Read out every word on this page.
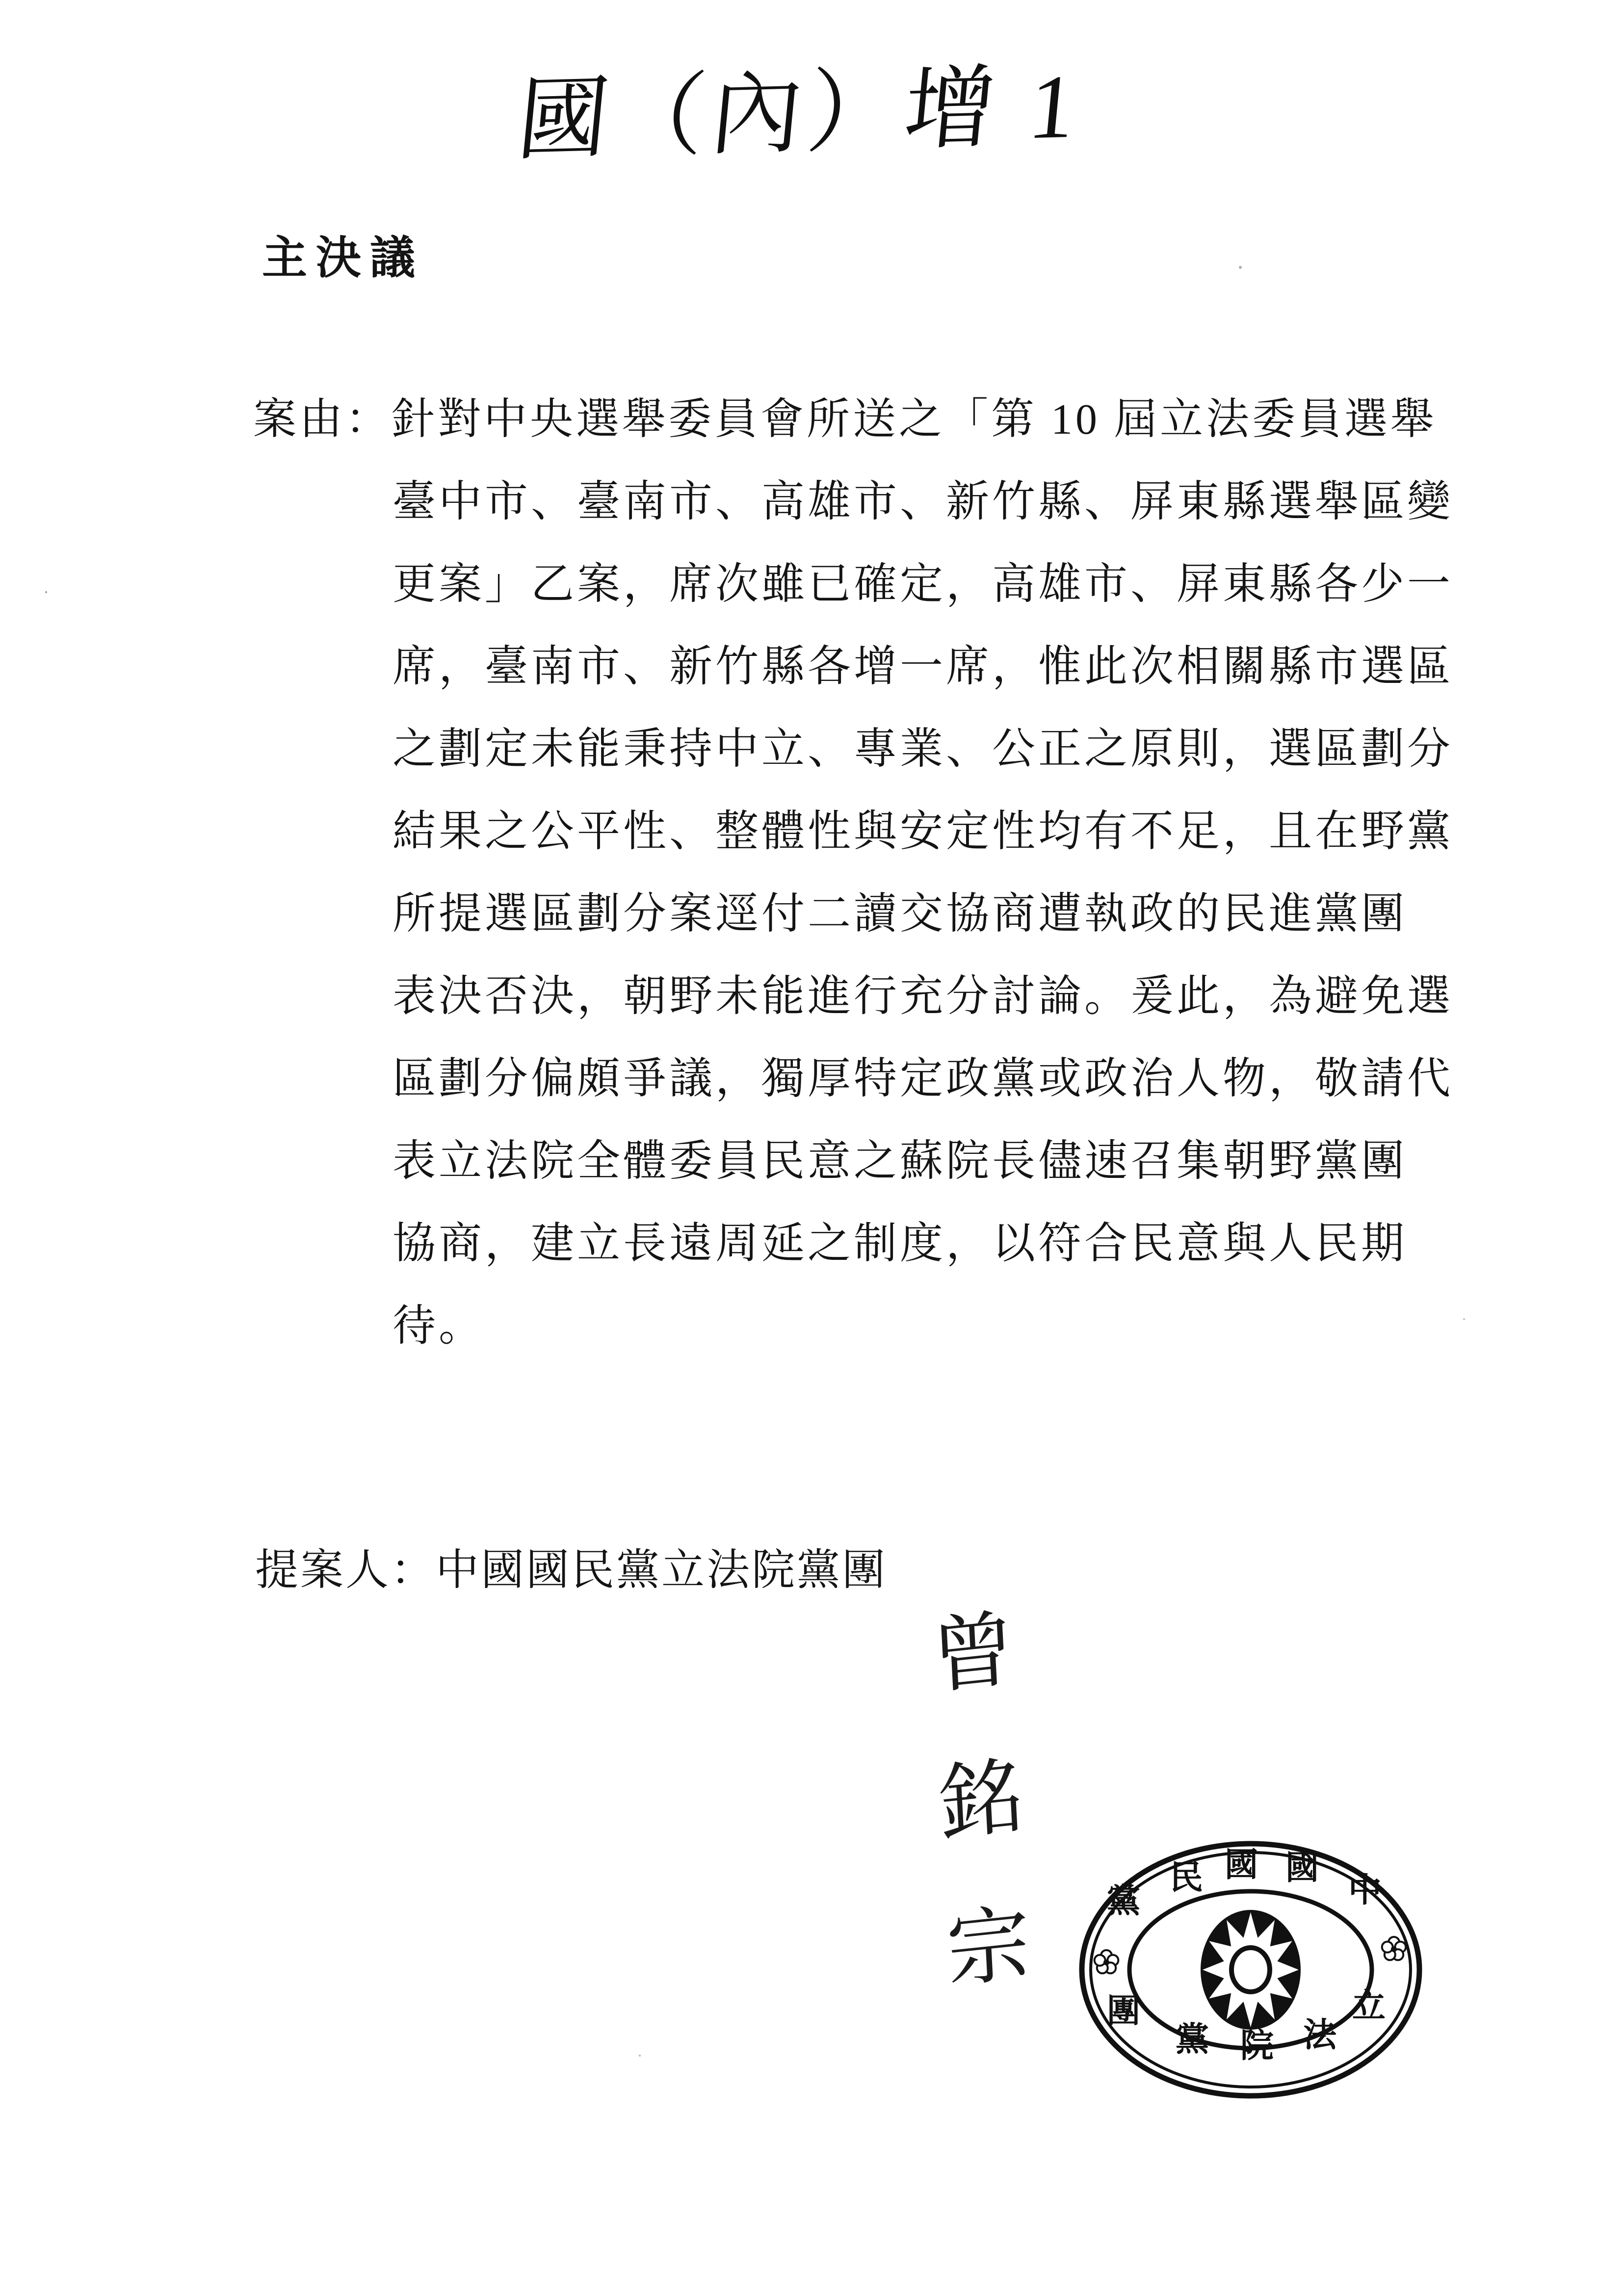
國（內）增 1
主決議
案由：針對中央選舉委員會所送之「第 10 屆立法委員選舉
臺中市、臺南市、高雄市、新竹縣、屏東縣選舉區變
更案」乙案，席次雖已確定，高雄市、屏東縣各少一
席，臺南市、新竹縣各增一席，惟此次相關縣市選區
之劃定未能秉持中立、專業、公正之原則，選區劃分
結果之公平性、整體性與安定性均有不足，且在野黨
所提選區劃分案逕付二讀交協商遭執政的民進黨團
表決否決，朝野未能進行充分討論。爰此，為避免選
區劃分偏頗爭議，獨厚特定政黨或政治人物，敬請代
表立法院全體委員民意之蘇院長儘速召集朝野黨團
協商，建立長遠周延之制度，以符合民意與人民期
待。
提案人：中國國民黨立法院黨團
曾銘宗	中
國
國
民
黨
立
法
院
黨
團
